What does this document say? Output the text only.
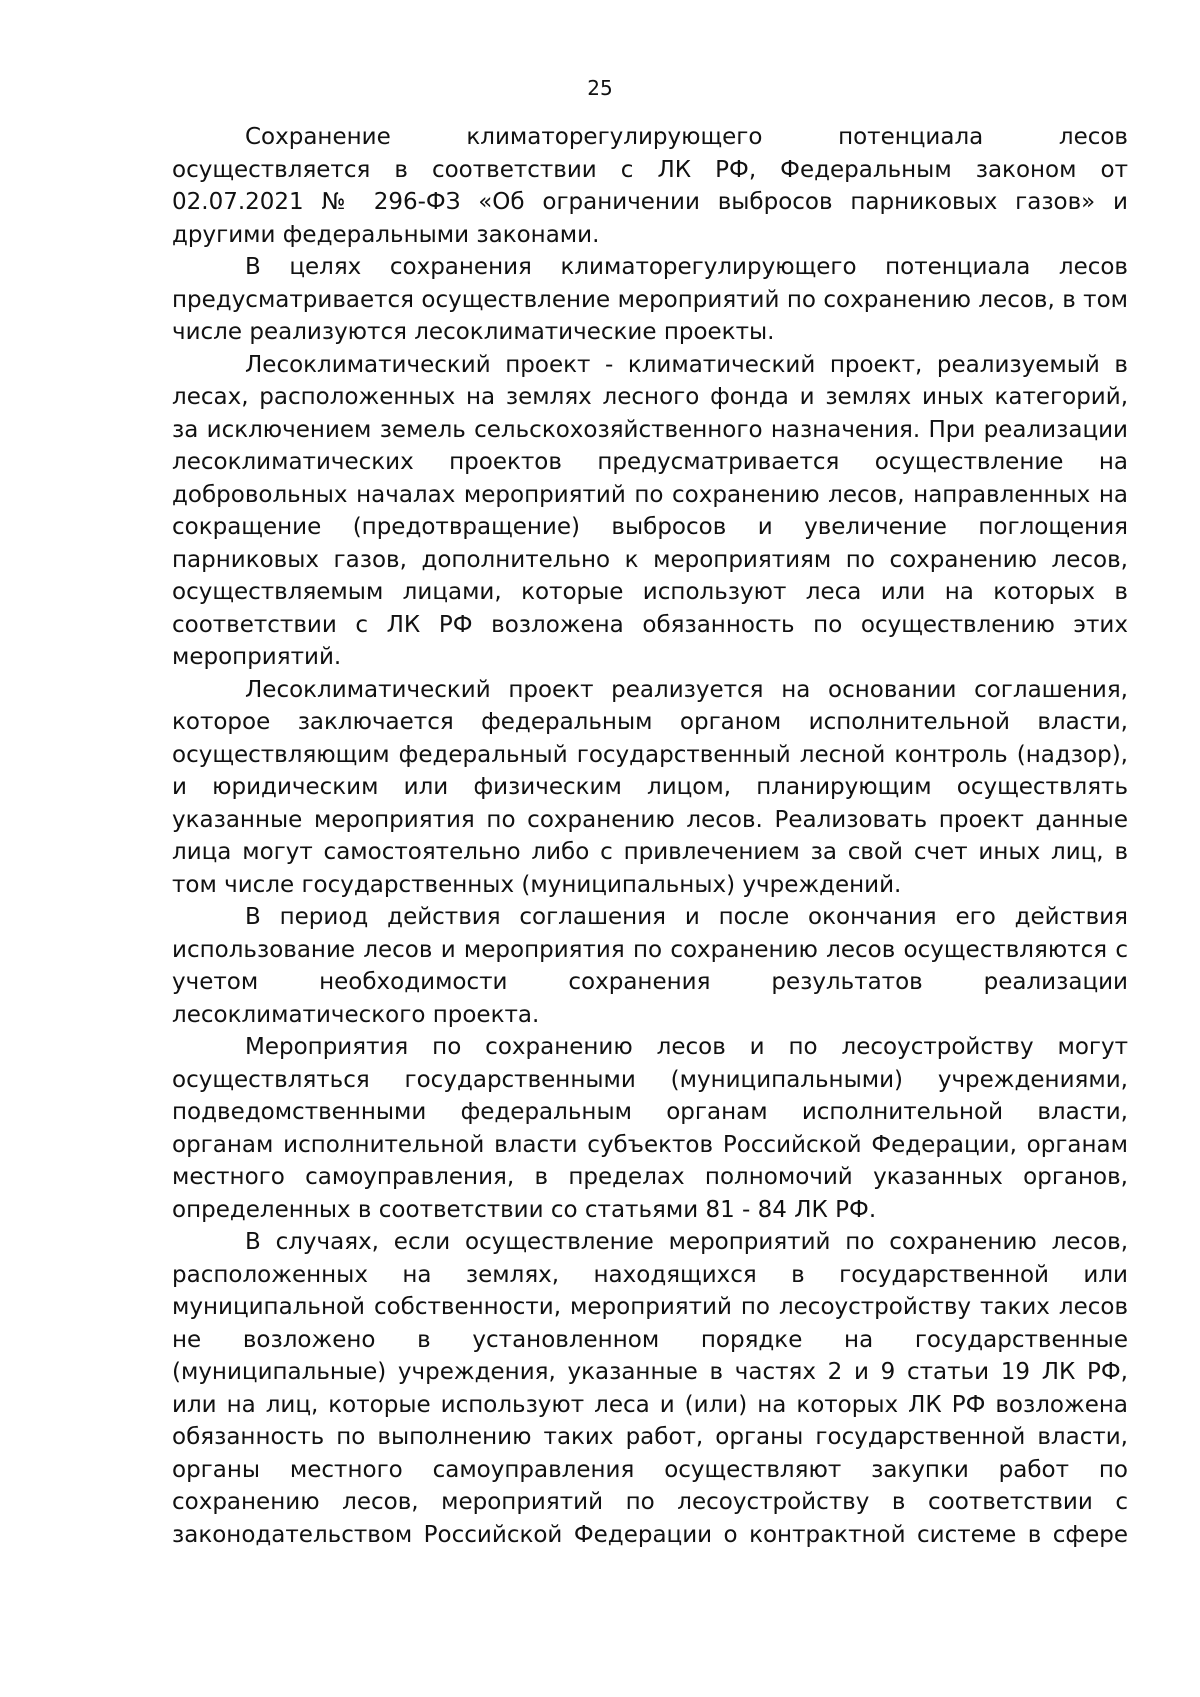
25

Сохранение климаторегулирующего потенциала лесов осуществляется в соответствии с ЛК РФ, Федеральным законом от 02.07.2021 № 296-ФЗ «Об ограничении выбросов парниковых газов» и другими федеральными законами.

В целях сохранения климаторегулирующего потенциала лесов предусматривается осуществление мероприятий по сохранению лесов, в том числе реализуются лесоклиматические проекты.

Лесоклиматический проект - климатический проект, реализуемый в лесах, расположенных на землях лесного фонда и землях иных категорий, за исключением земель сельскохозяйственного назначения. При реализации лесоклиматических проектов предусматривается осуществление на добровольных началах мероприятий по сохранению лесов, направленных на сокращение (предотвращение) выбросов и увеличение поглощения парниковых газов, дополнительно к мероприятиям по сохранению лесов, осуществляемым лицами, которые используют леса или на которых в соответствии с ЛК РФ возложена обязанность по осуществлению этих мероприятий.

Лесоклиматический проект реализуется на основании соглашения, которое заключается федеральным органом исполнительной власти, осуществляющим федеральный государственный лесной контроль (надзор), и юридическим или физическим лицом, планирующим осуществлять указанные мероприятия по сохранению лесов. Реализовать проект данные лица могут самостоятельно либо с привлечением за свой счет иных лиц, в том числе государственных (муниципальных) учреждений.

В период действия соглашения и после окончания его действия использование лесов и мероприятия по сохранению лесов осуществляются с учетом необходимости сохранения результатов реализации лесоклиматического проекта.

Мероприятия по сохранению лесов и по лесоустройству могут осуществляться государственными (муниципальными) учреждениями, подведомственными федеральным органам исполнительной власти, органам исполнительной власти субъектов Российской Федерации, органам местного самоуправления, в пределах полномочий указанных органов, определенных в соответствии со статьями 81 - 84 ЛК РФ.

В случаях, если осуществление мероприятий по сохранению лесов, расположенных на землях, находящихся в государственной или муниципальной собственности, мероприятий по лесоустройству таких лесов не возложено в установленном порядке на государственные (муниципальные) учреждения, указанные в частях 2 и 9 статьи 19 ЛК РФ, или на лиц, которые используют леса и (или) на которых ЛК РФ возложена обязанность по выполнению таких работ, органы государственной власти, органы местного самоуправления осуществляют закупки работ по сохранению лесов, мероприятий по лесоустройству в соответствии с законодательством Российской Федерации о контрактной системе в сфере
